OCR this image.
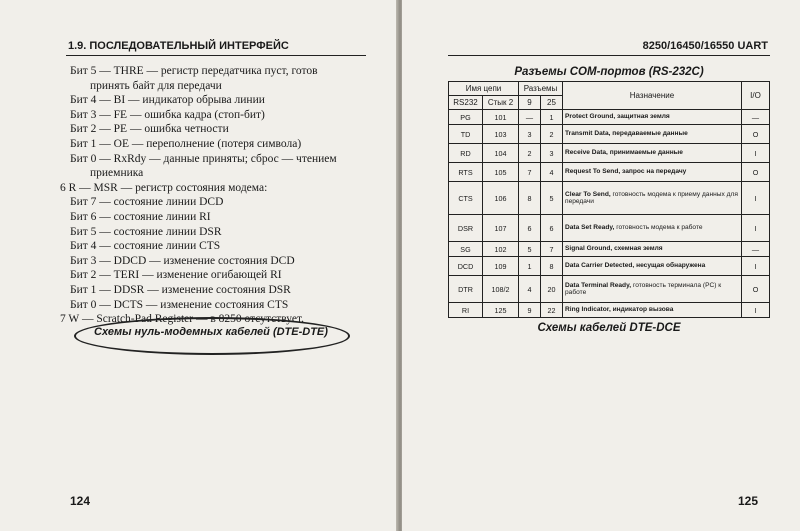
1.9. ПОСЛЕДОВАТЕЛЬНЫЙ ИНТЕРФЕЙС
Бит 5 — THRE — регистр передатчика пуст, готов
принять байт для передачи
Бит 4 — BI — индикатор обрыва линии
Бит 3 — FE — ошибка кадра (стоп-бит)
Бит 2 — PE — ошибка четности
Бит 1 — OE — переполнение (потеря символа)
Бит 0 — RxRdy — данные приняты; сброс — чтением
приемника
6 R — MSR — регистр состояния модема:
Бит 7 — состояние линии DCD
Бит 6 — состояние линии RI
Бит 5 — состояние линии DSR
Бит 4 — состояние линии CTS
Бит 3 — DDCD — изменение состояния DCD
Бит 2 — TERI — изменение огибающей RI
Бит 1 — DDSR — изменение состояния DSR
Бит 0 — DCTS — изменение состояния CTS
7 W — Scratch-Pad Register — в 8250 отсутствует.
Схемы нуль-модемных кабелей (DTE-DTE)
124
8250/16450/16550 UART
Разъемы COM-портов (RS-232C)
Имя цепи		Разъемы		Назначение	I/O
RS232	Стык 2	9	25		
PG	101	—	1	Protect Ground, защитная земля	—
TD	103	3	2	Transmit Data, передаваемые данные	O
RD	104	2	3	Receive Data, принимаемые данные	I
RTS	105	7	4	Request To Send, запрос на передачу	O
CTS	106	8	5	Clear To Send, готовность модема к приему данных для передачи	I
DSR	107	6	6	Data Set Ready, готовность модема к работе	I
SG	102	5	7	Signal Ground, схемная земля	—
DCD	109	1	8	Data Carrier Detected, несущая обнаружена	I
DTR	108/2	4	20	Data Terminal Ready, готовность терминала (PC) к работе	O
RI	125	9	22	Ring Indicator, индикатор вызова	I
Схемы кабелей DTE-DCE
125
